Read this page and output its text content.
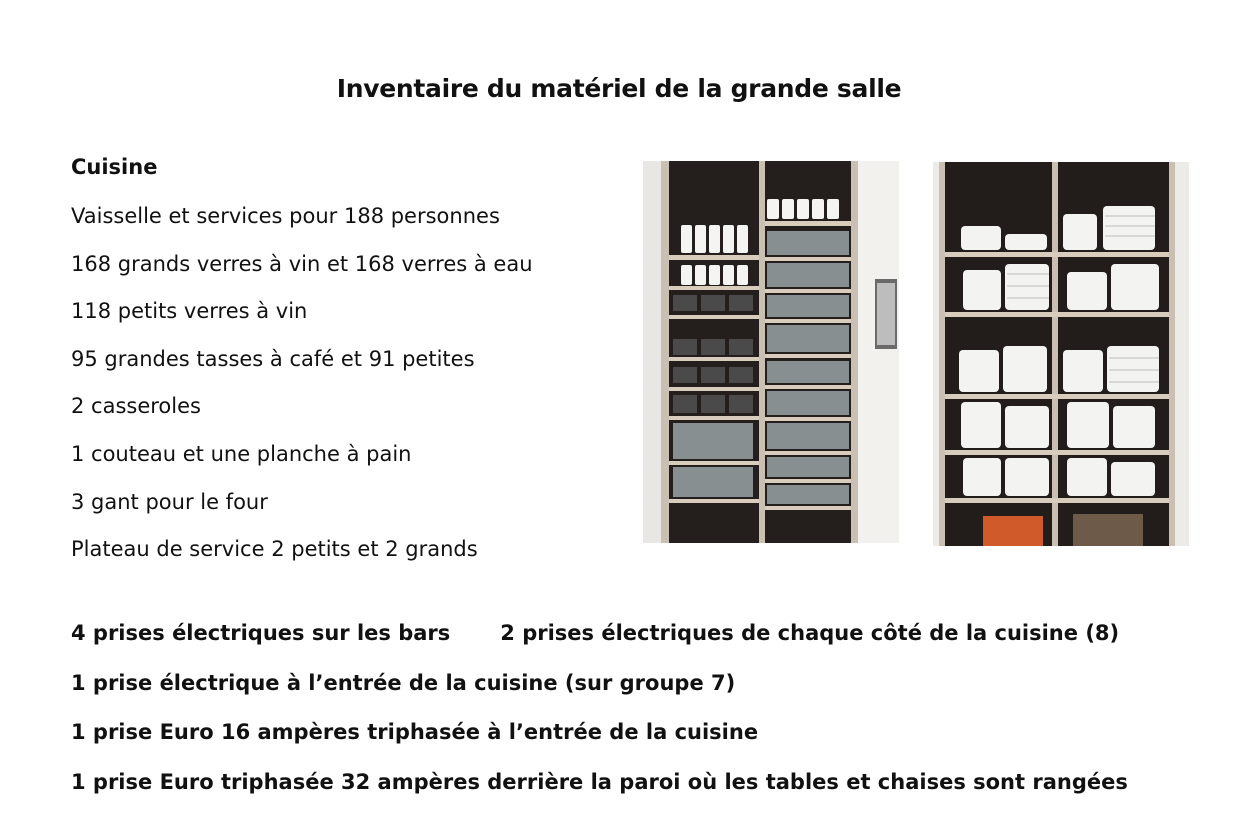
Inventaire du matériel de la grande salle
Cuisine
Vaisselle et services pour 188 personnes
168 grands verres à vin et 168 verres à eau
118 petits verres à vin
95 grandes tasses à café et 91 petites
2 casseroles
1 couteau et une planche à pain
3 gant pour le four
Plateau de service 2 petits et 2 grands
4 prises électriques sur les bars 2 prises électriques de chaque côté de la cuisine (8)
1 prise électrique à l’entrée de la cuisine (sur groupe 7)
1 prise Euro 16 ampères triphasée à l’entrée de la cuisine
1 prise Euro triphasée 32 ampères derrière la paroi où les tables et chaises sont rangées
